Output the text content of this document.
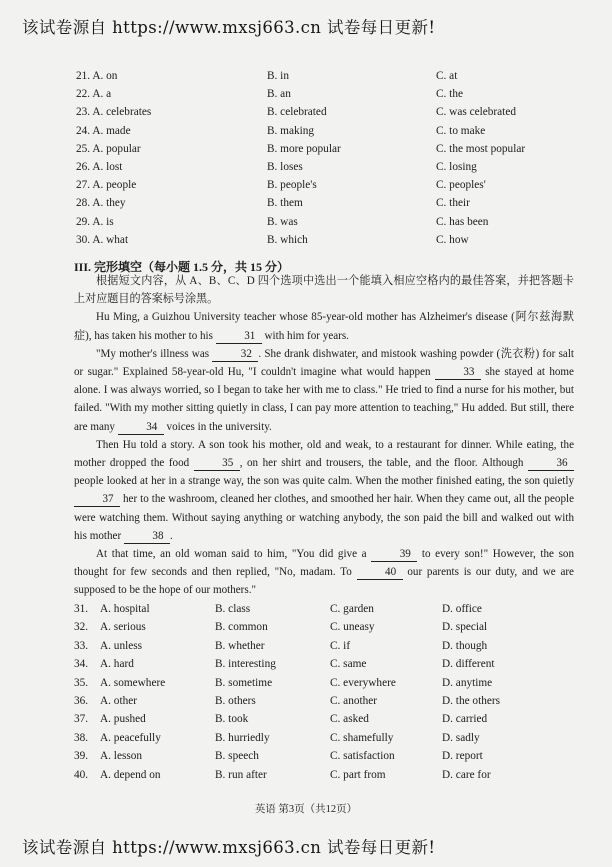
该试卷源自 https://www.mxsj663.cn 试卷每日更新!
21. A. on	B. in	C. at
22. A. a	B. an	C. the
23. A. celebrates	B. celebrated	C. was celebrated
24. A. made	B. making	C. to make
25. A. popular	B. more popular	C. the most popular
26. A. lost	B. loses	C. losing
27. A. people	B. people's	C. peoples'
28. A. they	B. them	C. their
29. A. is	B. was	C. has been
30. A. what	B. which	C. how
III. 完形填空（每小题 1.5 分，共 15 分）

根据短文内容，从 A、B、C、D 四个选项中选出一个能填入相应空格内的最佳答案，并把答题卡上对应题目的答案标号涂黑。

Hu Ming, a Guizhou University teacher whose 85-year-old mother has Alzheimer's disease (阿尔兹海默症), has taken his mother to his	31 with him for years.

"My mother's illness was	32 . She drank dishwater, and mistook washing powder (洗衣粉) for salt or sugar." Explained 58-year-old Hu, "I couldn't imagine what would happen	33 she stayed at home alone. I was always worried, so I began to take her with me to class." He tried to find a nurse for his mother, but failed. "With my mother sitting quietly in class, I can pay more attention to teaching," Hu added. But still, there are many	34 voices in the university.

Then Hu told a story. A son took his mother, old and weak, to a restaurant for dinner. While eating, the mother dropped the food	35 , on her shirt and trousers, the table, and the floor. Although	36 people looked at her in a strange way, the son was quite calm. When the mother finished eating, the son quietly 37 her to the washroom, cleaned her clothes, and smoothed her hair. When they came out, all the people were watching them. Without saying anything or watching anybody, the son paid the bill and walked out with his mother	38 .

At that time, an old woman said to him, "You did give a	39 to every son!" However, the son thought for few seconds and then replied, "No, madam. To	40 our parents is our duty, and we are supposed to be the hope of our mothers."

31. A. hospital	B. class	C. garden	D. office
32. A. serious	B. common	C. uneasy	D. special
33. A. unless	B. whether	C. if	D. though
34. A. hard	B. interesting	C. same	D. different
35. A. somewhere	B. sometime	C. everywhere	D. anytime
36. A. other	B. others	C. another	D. the others
37. A. pushed	B. took	C. asked	D. carried
38. A. peacefully	B. hurriedly	C. shamefully	D. sadly
39. A. lesson	B. speech	C. satisfaction	D. report
40. A. depend on	B. run after	C. part from	D. care for
英语 第3页（共12页）
该试卷源自 https://www.mxsj663.cn 试卷每日更新!
